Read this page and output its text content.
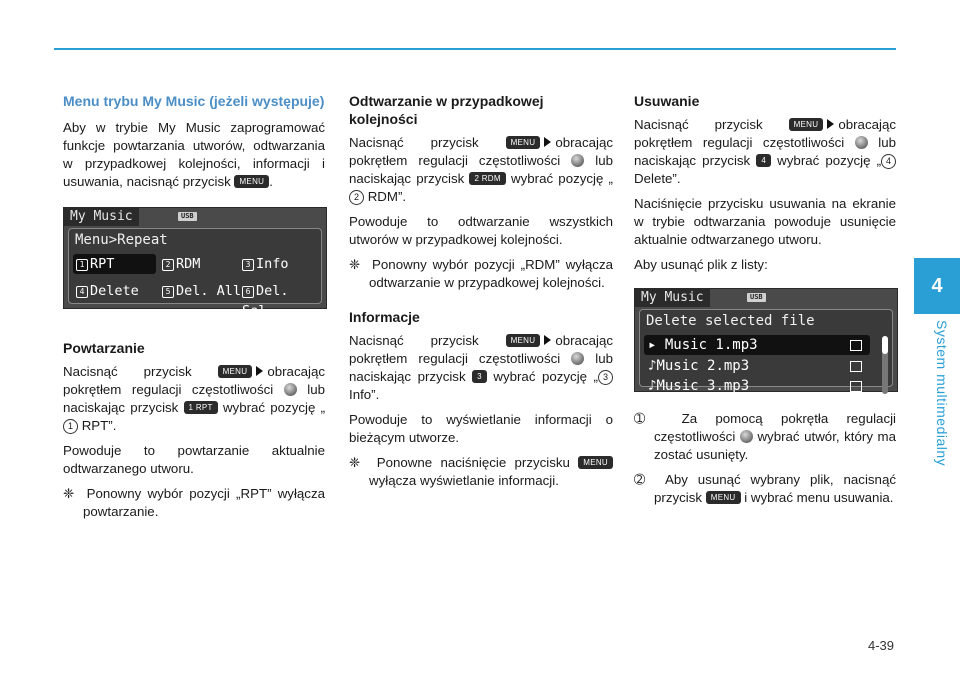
4
System multimedialny
Menu trybu My Music (jeżeli występuje)

Aby w trybie My Music zaprogramować funkcje powtarzania utworów, odtwarzania w przypadkowej kolejności, informacji i usuwania, nacisnąć przycisk MENU .

My Music	USB
Menu>Repeat
1 RPT	2 RDM	3 Info
4 Delete	5 Del. All 6 Del. Sel
Powtarzanie

Nacisnąć przycisk	MENU obracając pokrętłem regulacji częstotliwości	lub naciskając przycisk 1 RPT wybrać pozycję „1 RPT”.

Powoduje to powtarzanie aktualnie odtwarzanego utworu.

❈ Ponowny wybór pozycji „RPT” wyłącza powtarzanie.

Odtwarzanie w przypadkowej kolejności

Nacisnąć przycisk	MENU obracając pokrętłem regulacji częstotliwości	lub naciskając przycisk 2 RDM wybrać pozycję „2 RDM”.

Powoduje to odtwarzanie wszystkich utworów w przypadkowej kolejności.

❈ Ponowny wybór pozycji „RDM” wyłącza odtwarzanie w przypadkowej kolejności.

Informacje

Nacisnąć przycisk	MENU obracając pokrętłem regulacji częstotliwości	lub naciskając przycisk 3 wybrać pozycję „ 3 Info”.

Powoduje to wyświetlanie informacji o bieżącym utworze.

❈ Ponowne naciśnięcie przycisku MENU wyłącza wyświetlanie informacji.

Usuwanie

Nacisnąć przycisk	MENU obracając pokrętłem regulacji częstotliwości	lub naciskając przycisk 4 wybrać pozycję „ 4 Delete”.

Naciśnięcie przycisku usuwania na ekranie w trybie odtwarzania powoduje usunięcie aktualnie odtwarzanego utworu.

Aby usunąć plik z listy:

My Music	USB
Delete selected file
▸ Music 1.mp3
♪Music 2.mp3
♪Music 3.mp3

➀	Za pomocą pokrętła regulacji częstotliwości wybrać utwór, który ma zostać usunięty.

➁ Aby usunąć wybrany plik, nacisnąć przycisk MENU i wybrać menu usuwania.

4-39
